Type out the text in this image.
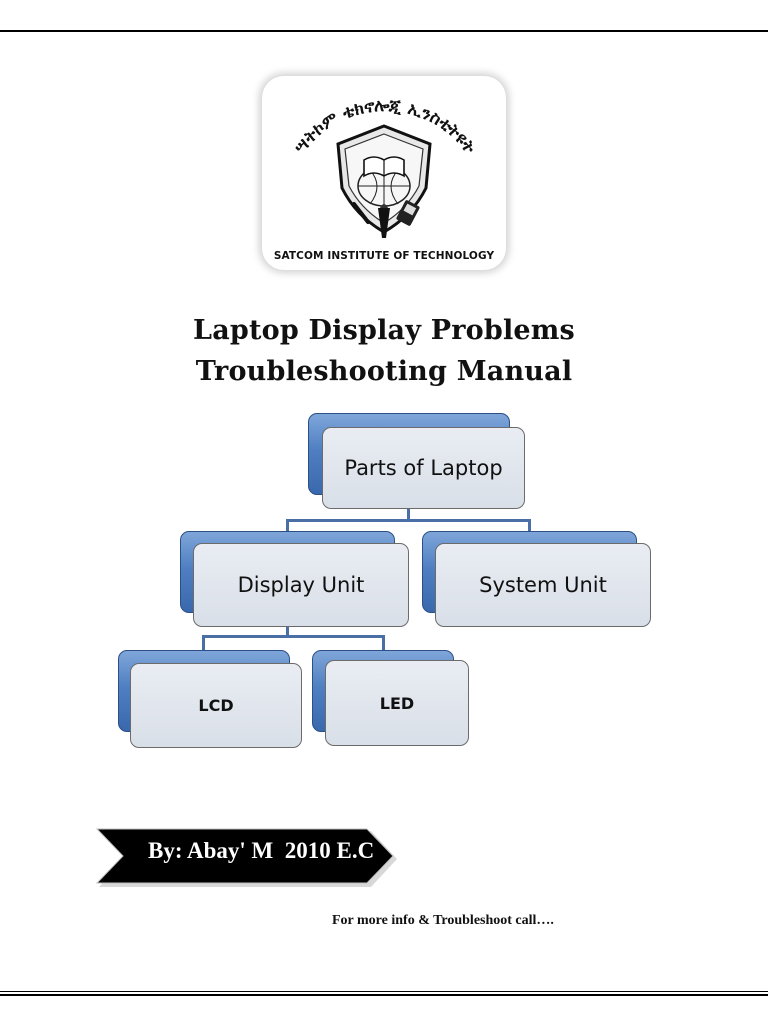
ሣትኮም ቴክኖሎጂ ኢንስቲትዩት
SATCOM INSTITUTE OF TECHNOLOGY
Laptop Display Problems
Troubleshooting Manual
Parts of Laptop
Display Unit	System Unit
LCD	LED
By: Abay' M  2010 E.C
For more info & Troubleshoot call….
